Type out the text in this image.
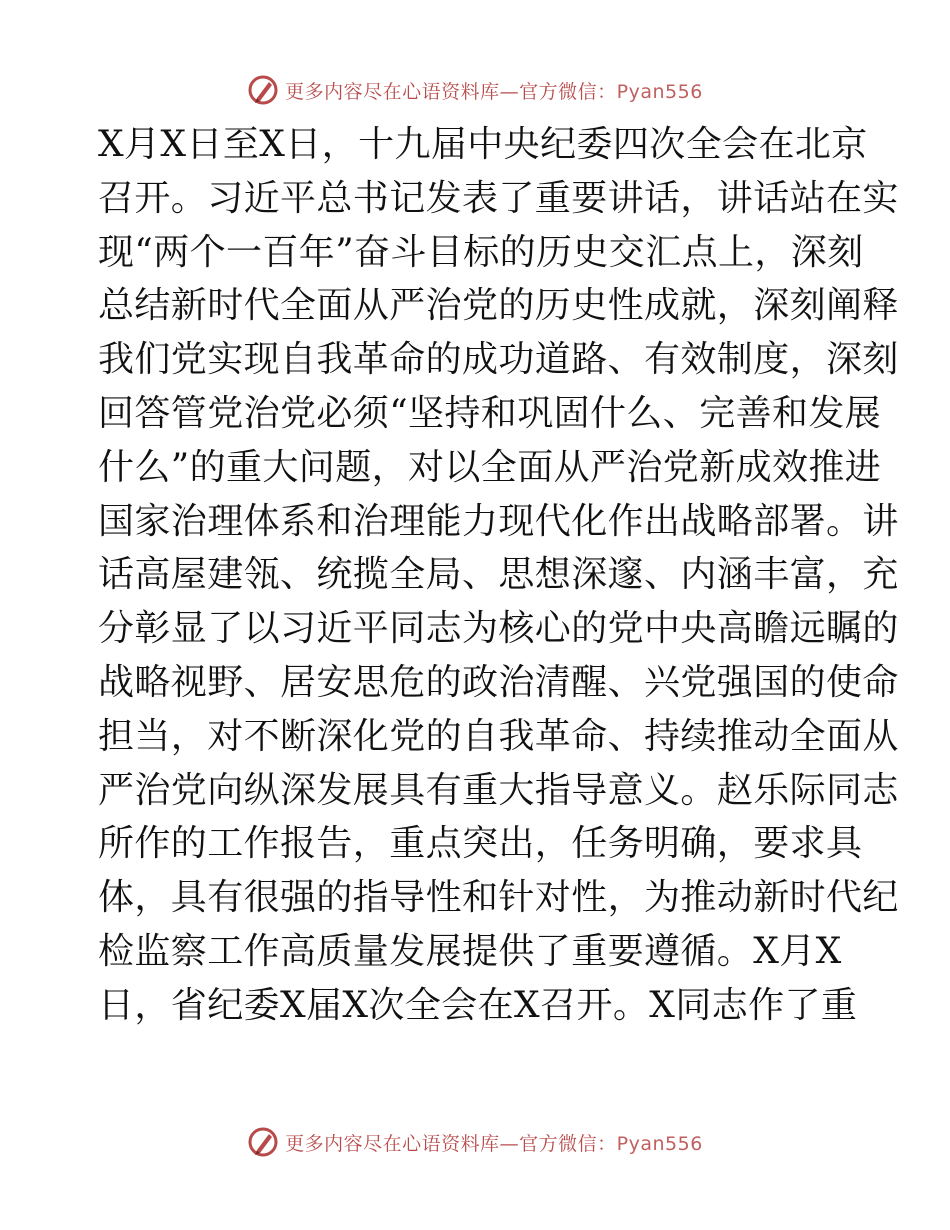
更多内容尽在心语资料库—官方微信：Pyan556
X月X日至X日，十九届中央纪委四次全会在北京
召开。习近平总书记发表了重要讲话，讲话站在实
现“两个一百年”奋斗目标的历史交汇点上，深刻
总结新时代全面从严治党的历史性成就，深刻阐释
我们党实现自我革命的成功道路、有效制度，深刻
回答管党治党必须“坚持和巩固什么、完善和发展
什么”的重大问题，对以全面从严治党新成效推进
国家治理体系和治理能力现代化作出战略部署。讲
话高屋建瓴、统揽全局、思想深邃、内涵丰富，充
分彰显了以习近平同志为核心的党中央高瞻远瞩的
战略视野、居安思危的政治清醒、兴党强国的使命
担当，对不断深化党的自我革命、持续推动全面从
严治党向纵深发展具有重大指导意义。赵乐际同志
所作的工作报告，重点突出，任务明确，要求具
体，具有很强的指导性和针对性，为推动新时代纪
检监察工作高质量发展提供了重要遵循。X月X
日，省纪委X届X次全会在X召开。X同志作了重
更多内容尽在心语资料库—官方微信：Pyan556
